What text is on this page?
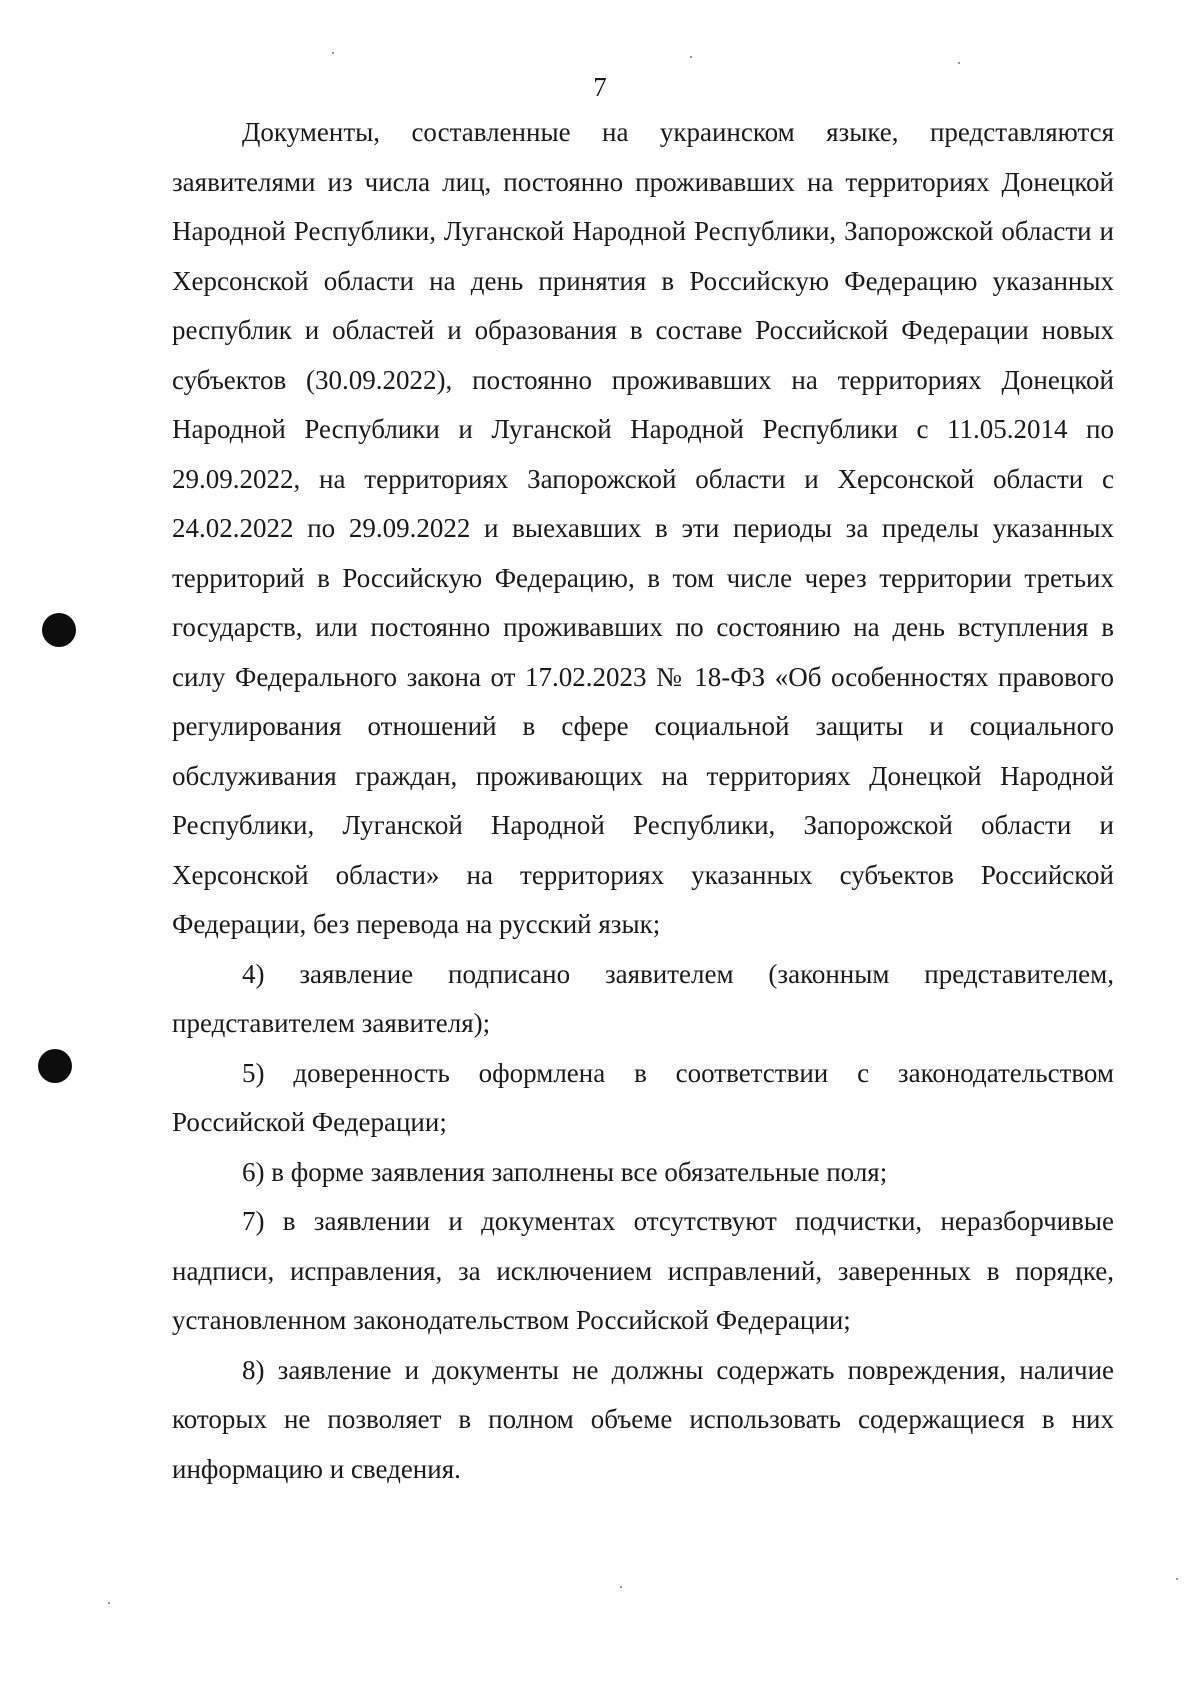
7

Документы, составленные на украинском языке, представляются заявителями из числа лиц, постоянно проживавших на территориях Донецкой Народной Республики, Луганской Народной Республики, Запорожской области и Херсонской области на день принятия в Российскую Федерацию указанных республик и областей и образования в составе Российской Федерации новых субъектов (30.09.2022), постоянно проживавших на территориях Донецкой Народной Республики и Луганской Народной Республики с 11.05.2014 по 29.09.2022, на территориях Запорожской области и Херсонской области с 24.02.2022 по 29.09.2022 и выехавших в эти периоды за пределы указанных территорий в Российскую Федерацию, в том числе через территории третьих государств, или постоянно проживавших по состоянию на день вступления в силу Федерального закона от 17.02.2023 № 18-ФЗ «Об особенностях правового регулирования отношений в сфере социальной защиты и социального обслуживания граждан, проживающих на территориях Донецкой Народной Республики, Луганской Народной Республики, Запорожской области и Херсонской области» на территориях указанных субъектов Российской Федерации, без перевода на русский язык;

4) заявление подписано заявителем (законным представителем, представителем заявителя);

5) доверенность оформлена в соответствии с законодательством Российской Федерации;

6) в форме заявления заполнены все обязательные поля;

7) в заявлении и документах отсутствуют подчистки, неразборчивые надписи, исправления, за исключением исправлений, заверенных в порядке, установленном законодательством Российской Федерации;

8) заявление и документы не должны содержать повреждения, наличие которых не позволяет в полном объеме использовать содержащиеся в них информацию и сведения.
